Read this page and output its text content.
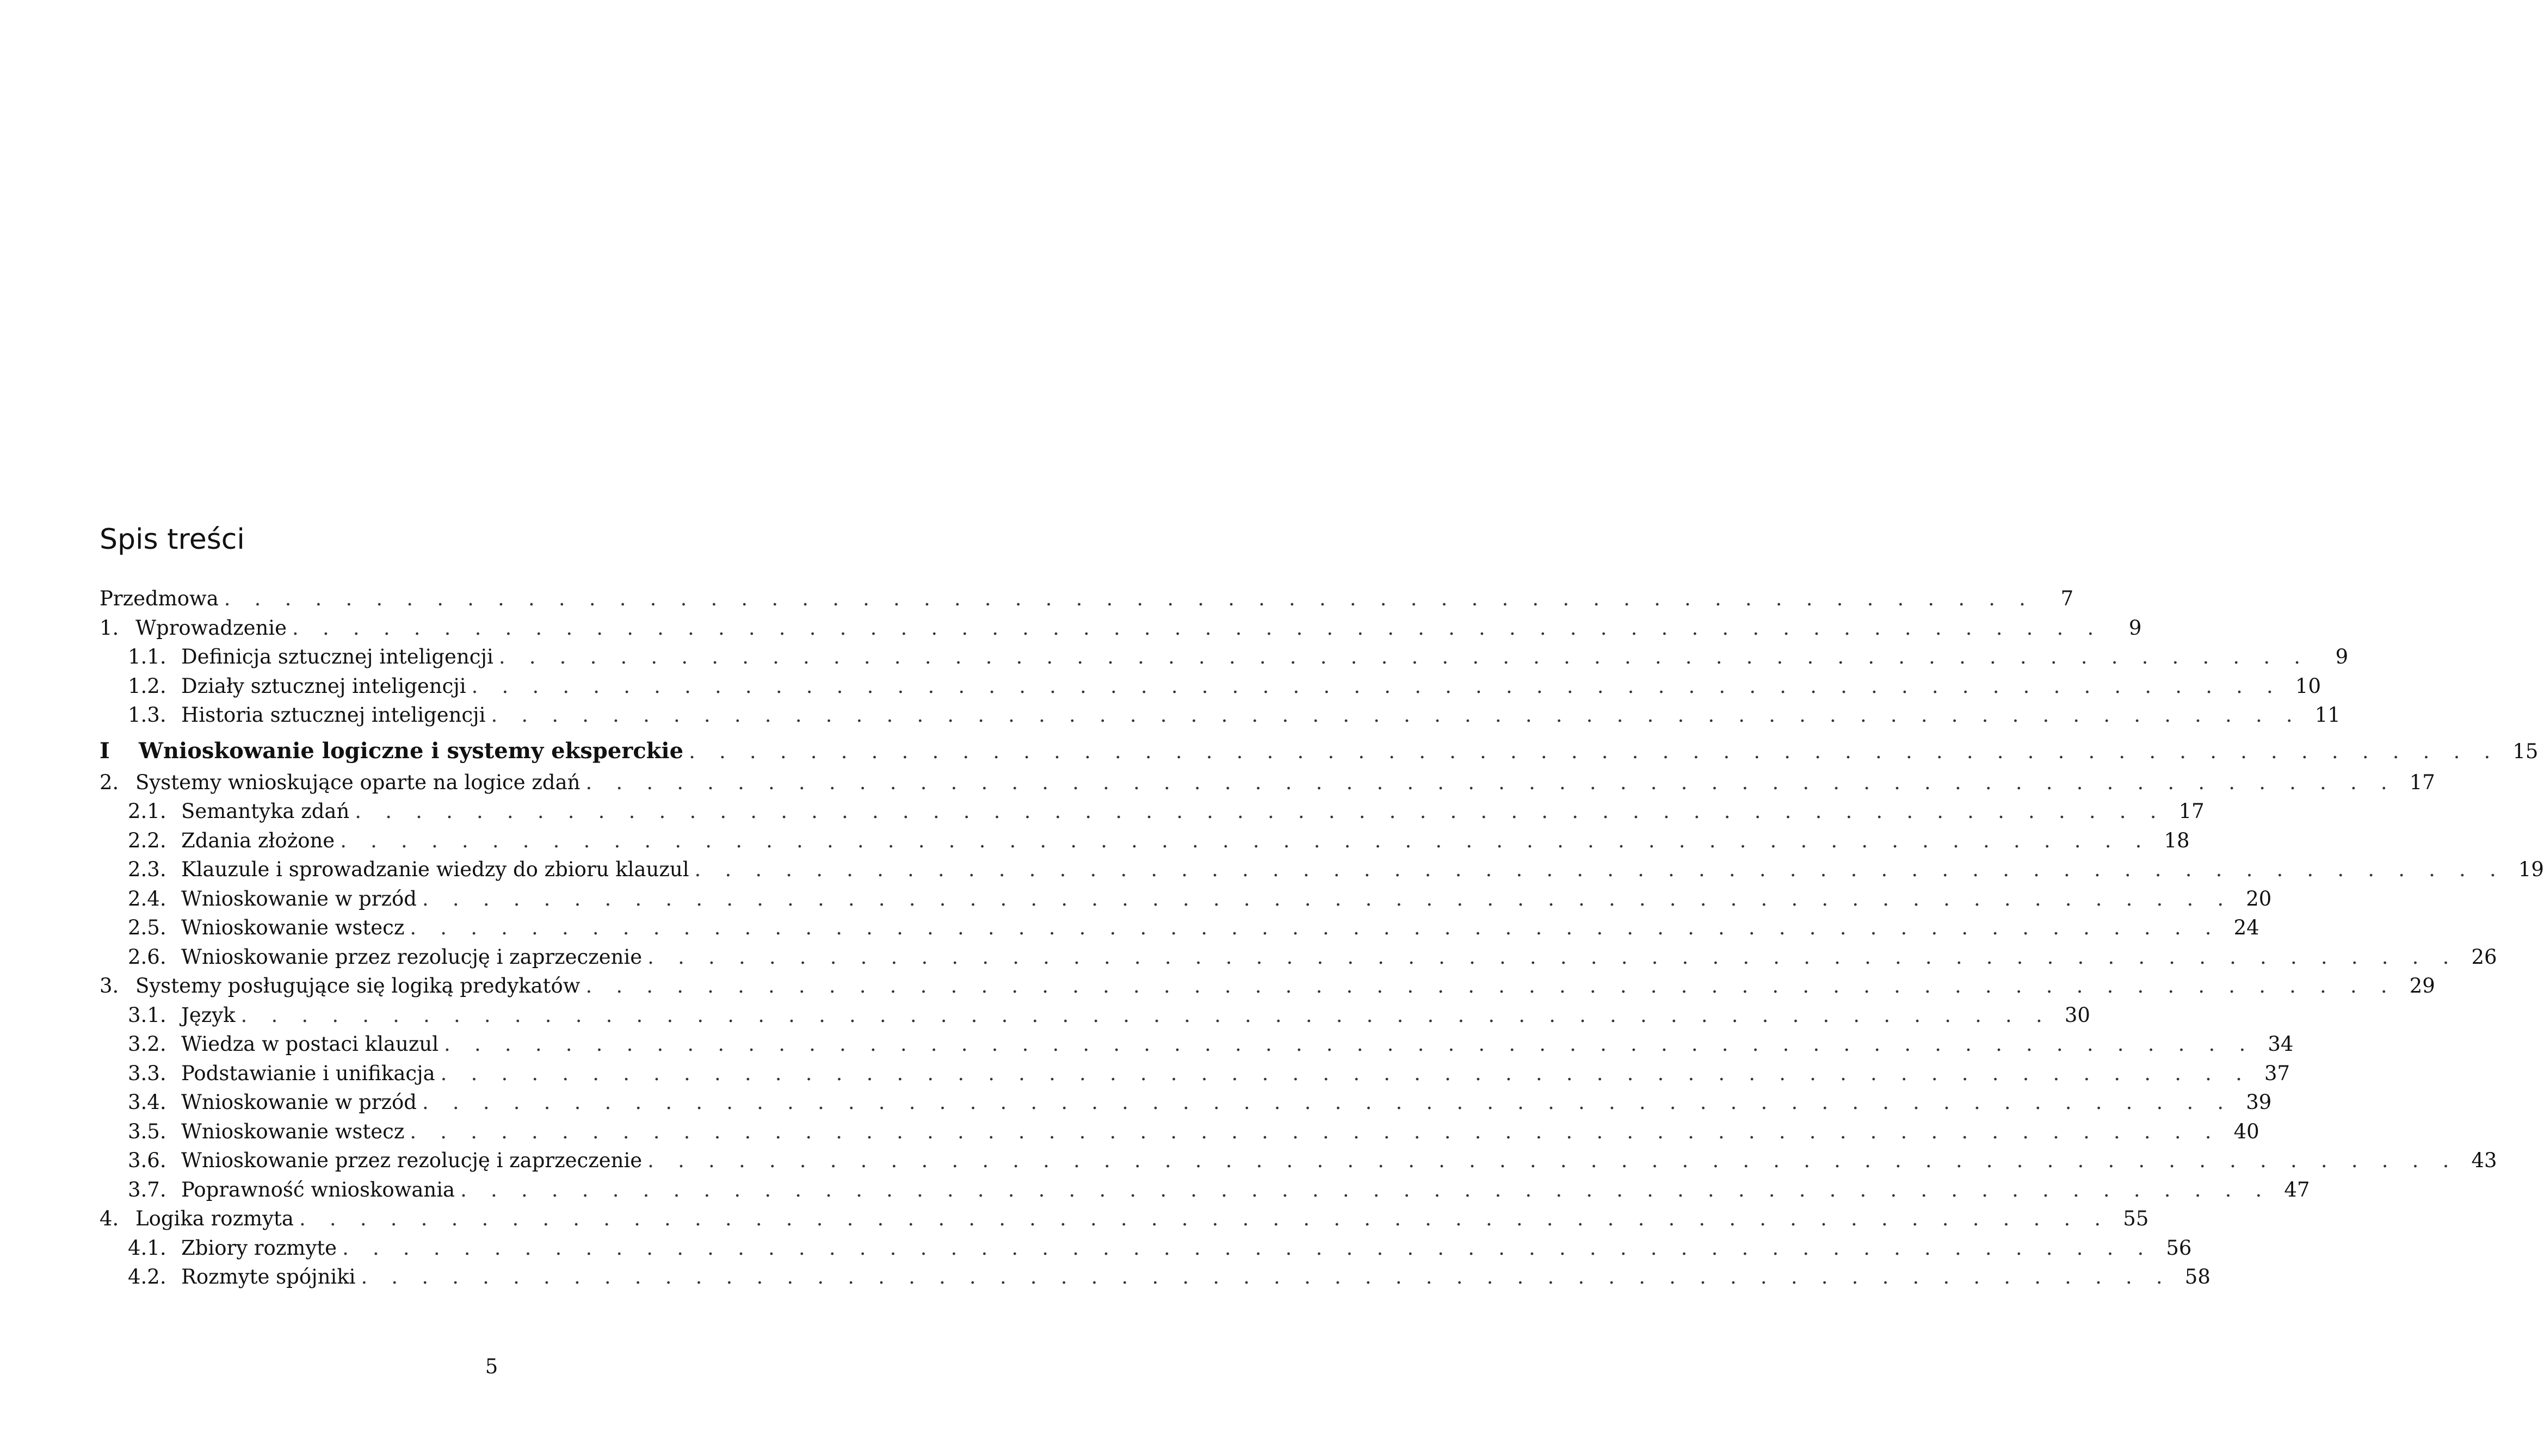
Spis treści
Przedmowa . . . . . . . . . . . . . . . . . . . . . . . . . . . . . . . . . . . . . . . . . . . . . . . . . . . . . . . . . . . .	7
1. Wprowadzenie . . . . . . . . . . . . . . . . . . . . . . . . . . . . . . . . . . . . . . . . . . . . . . . . . . . . . . . . . . . .	9
1.1. Definicja sztucznej inteligencji . . . . . . . . . . . . . . . . . . . . . . . . . . . . . . . . . . . . . . . . . . . . . . . . . . . . . . . . . . . .	9
1.2. Działy sztucznej inteligencji . . . . . . . . . . . . . . . . . . . . . . . . . . . . . . . . . . . . . . . . . . . . . . . . . . . . . . . . . . . . 10
1.3. Historia sztucznej inteligencji . . . . . . . . . . . . . . . . . . . . . . . . . . . . . . . . . . . . . . . . . . . . . . . . . . . . . . . . . . . . 11
I	Wnioskowanie logiczne i systemy eksperckie . . . . . . . . . . . . . . . . . . . . . . . . . . . . . . . . . . . . . . . . . . . . . . . . . . . . . . . . . . . . 15
2. Systemy wnioskujące oparte na logice zdań . . . . . . . . . . . . . . . . . . . . . . . . . . . . . . . . . . . . . . . . . . . . . . . . . . . . . . . . . . . . 17
2.1. Semantyka zdań . . . . . . . . . . . . . . . . . . . . . . . . . . . . . . . . . . . . . . . . . . . . . . . . . . . . . . . . . . . . 17
2.2. Zdania złożone . . . . . . . . . . . . . . . . . . . . . . . . . . . . . . . . . . . . . . . . . . . . . . . . . . . . . . . . . . . . 18
2.3. Klauzule i sprowadzanie wiedzy do zbioru klauzul . . . . . . . . . . . . . . . . . . . . . . . . . . . . . . . . . . . . . . . . . . . . . . . . . . . . . . . . . . . . 19
2.4. Wnioskowanie w przód . . . . . . . . . . . . . . . . . . . . . . . . . . . . . . . . . . . . . . . . . . . . . . . . . . . . . . . . . . . . 20
2.5. Wnioskowanie wstecz . . . . . . . . . . . . . . . . . . . . . . . . . . . . . . . . . . . . . . . . . . . . . . . . . . . . . . . . . . . . 24
2.6. Wnioskowanie przez rezolucję i zaprzeczenie . . . . . . . . . . . . . . . . . . . . . . . . . . . . . . . . . . . . . . . . . . . . . . . . . . . . . . . . . . . . 26
3. Systemy posługujące się logiką predykatów . . . . . . . . . . . . . . . . . . . . . . . . . . . . . . . . . . . . . . . . . . . . . . . . . . . . . . . . . . . . 29
3.1. Język . . . . . . . . . . . . . . . . . . . . . . . . . . . . . . . . . . . . . . . . . . . . . . . . . . . . . . . . . . . . 30
3.2. Wiedza w postaci klauzul . . . . . . . . . . . . . . . . . . . . . . . . . . . . . . . . . . . . . . . . . . . . . . . . . . . . . . . . . . . . 34
3.3. Podstawianie i unifikacja . . . . . . . . . . . . . . . . . . . . . . . . . . . . . . . . . . . . . . . . . . . . . . . . . . . . . . . . . . . . 37
3.4. Wnioskowanie w przód . . . . . . . . . . . . . . . . . . . . . . . . . . . . . . . . . . . . . . . . . . . . . . . . . . . . . . . . . . . . 39
3.5. Wnioskowanie wstecz . . . . . . . . . . . . . . . . . . . . . . . . . . . . . . . . . . . . . . . . . . . . . . . . . . . . . . . . . . . . 40
3.6. Wnioskowanie przez rezolucję i zaprzeczenie . . . . . . . . . . . . . . . . . . . . . . . . . . . . . . . . . . . . . . . . . . . . . . . . . . . . . . . . . . . . 43
3.7. Poprawność wnioskowania . . . . . . . . . . . . . . . . . . . . . . . . . . . . . . . . . . . . . . . . . . . . . . . . . . . . . . . . . . . . 47
4. Logika rozmyta . . . . . . . . . . . . . . . . . . . . . . . . . . . . . . . . . . . . . . . . . . . . . . . . . . . . . . . . . . . . 55
4.1. Zbiory rozmyte . . . . . . . . . . . . . . . . . . . . . . . . . . . . . . . . . . . . . . . . . . . . . . . . . . . . . . . . . . . . 56
4.2. Rozmyte spójniki . . . . . . . . . . . . . . . . . . . . . . . . . . . . . . . . . . . . . . . . . . . . . . . . . . . . . . . . . . . . 58
5
